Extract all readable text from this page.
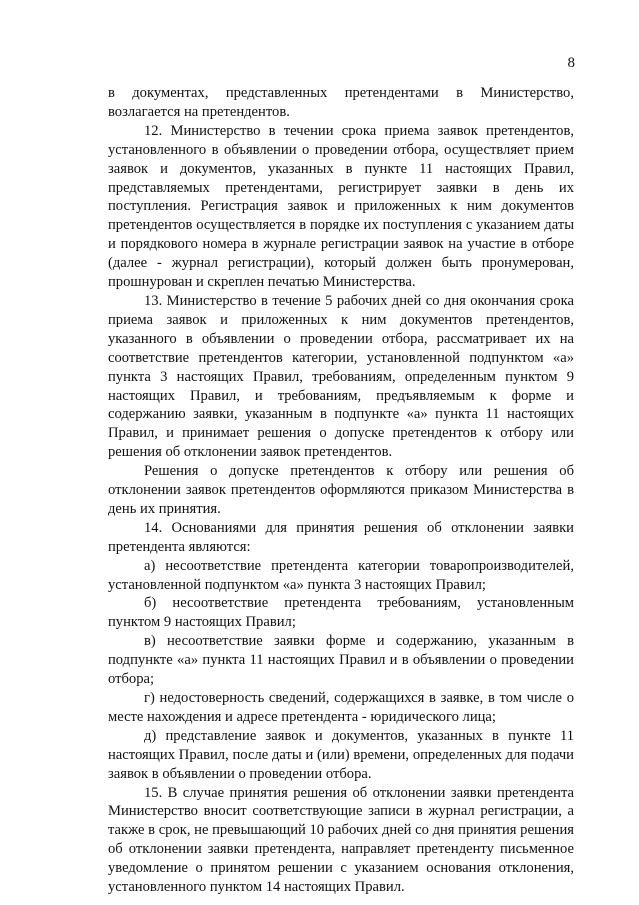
8

в документах, представленных претендентами в Министерство, возлагается на претендентов.

12. Министерство в течении срока приема заявок претендентов, установленного в объявлении о проведении отбора, осуществляет прием заявок и документов, указанных в пункте 11 настоящих Правил, представляемых претендентами, регистрирует заявки в день их поступления. Регистрация заявок и приложенных к ним документов претендентов осуществляется в порядке их поступления с указанием даты и порядкового номера в журнале регистрации заявок на участие в отборе (далее - журнал регистрации), который должен быть пронумерован, прошнурован и скреплен печатью Министерства.

13. Министерство в течение 5 рабочих дней со дня окончания срока приема заявок и приложенных к ним документов претендентов, указанного в объявлении о проведении отбора, рассматривает их на соответствие претендентов категории, установленной подпунктом «а» пункта 3 настоящих Правил, требованиям, определенным пунктом 9 настоящих Правил, и требованиям, предъявляемым к форме и содержанию заявки, указанным в подпункте «а» пункта 11 настоящих Правил, и принимает решения о допуске претендентов к отбору или решения об отклонении заявок претендентов.

Решения о допуске претендентов к отбору или решения об отклонении заявок претендентов оформляются приказом Министерства в день их принятия.

14. Основаниями для принятия решения об отклонении заявки претендента являются:

а) несоответствие претендента категории товаропроизводителей, установленной подпунктом «а» пункта 3 настоящих Правил;

б) несоответствие претендента требованиям, установленным пунктом 9 настоящих Правил;

в) несоответствие заявки форме и содержанию, указанным в подпункте «а» пункта 11 настоящих Правил и в объявлении о проведении отбора;

г) недостоверность сведений, содержащихся в заявке, в том числе о месте нахождения и адресе претендента - юридического лица;

д) представление заявок и документов, указанных в пункте 11 настоящих Правил, после даты и (или) времени, определенных для подачи заявок в объявлении о проведении отбора.

15. В случае принятия решения об отклонении заявки претендента Министерство вносит соответствующие записи в журнал регистрации, а также в срок, не превышающий 10 рабочих дней со дня принятия решения об отклонении заявки претендента, направляет претенденту письменное уведомление о принятом решении с указанием основания отклонения, установленного пунктом 14 настоящих Правил.
